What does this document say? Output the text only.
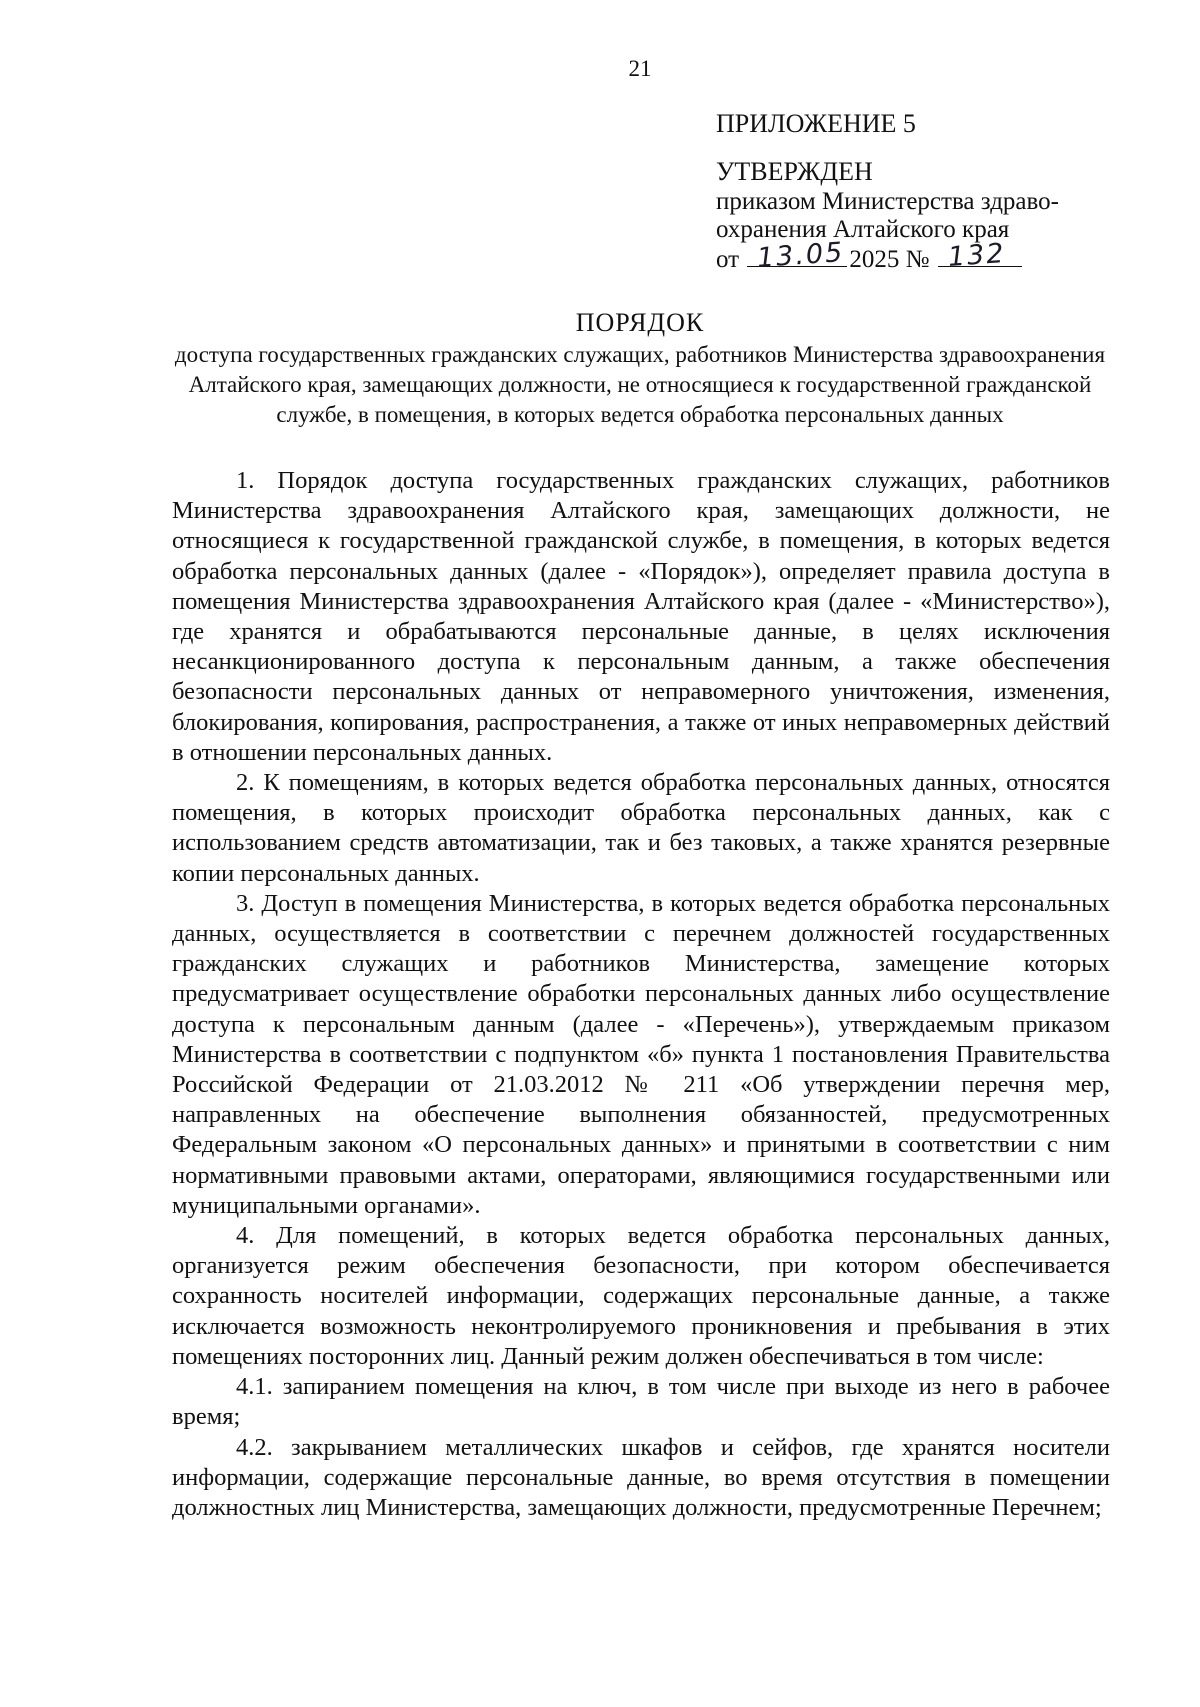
21
ПРИЛОЖЕНИЕ 5
УТВЕРЖДЕН
приказом Министерства здраво-
охранения Алтайского края
от 13.05 2025 № 132
ПОРЯДОК
доступа государственных гражданских служащих, работников Министерства здравоохранения Алтайского края, замещающих должности, не относящиеся к государственной гражданской службе, в помещения, в которых ведется обработка персональных данных

1. Порядок доступа государственных гражданских служащих, работников Министерства здравоохранения Алтайского края, замещающих должности, не относящиеся к государственной гражданской службе, в помещения, в которых ведется обработка персональных данных (далее - «Порядок»), определяет правила доступа в помещения Министерства здравоохранения Алтайского края (далее - «Министерство»), где хранятся и обрабатываются персональные данные, в целях исключения несанкционированного доступа к персональным данным, а также обеспечения безопасности персональных данных от неправомерного уничтожения, изменения, блокирования, копирования, распространения, а также от иных неправомерных действий в отношении персональных данных.

2. К помещениям, в которых ведется обработка персональных данных, относятся помещения, в которых происходит обработка персональных данных, как с использованием средств автоматизации, так и без таковых, а также хранятся резервные копии персональных данных.

3. Доступ в помещения Министерства, в которых ведется обработка персональных данных, осуществляется в соответствии с перечнем должностей государственных гражданских служащих и работников Министерства, замещение которых предусматривает осуществление обработки персональных данных либо осуществление доступа к персональным данным (далее - «Перечень»), утверждаемым приказом Министерства в соответствии с подпунктом «б» пункта 1 постановления Правительства Российской Федерации от 21.03.2012 № 211 «Об утверждении перечня мер, направленных на обеспечение выполнения обязанностей, предусмотренных Федеральным законом «О персональных данных» и принятыми в соответствии с ним нормативными правовыми актами, операторами, являющимися государственными или муниципальными органами».

4. Для помещений, в которых ведется обработка персональных данных, организуется режим обеспечения безопасности, при котором обеспечивается сохранность носителей информации, содержащих персональные данные, а также исключается возможность неконтролируемого проникновения и пребывания в этих помещениях посторонних лиц. Данный режим должен обеспечиваться в том числе:

4.1. запиранием помещения на ключ, в том числе при выходе из него в рабочее время;

4.2. закрыванием металлических шкафов и сейфов, где хранятся носители информации, содержащие персональные данные, во время отсутствия в помещении должностных лиц Министерства, замещающих должности, предусмотренные Перечнем;
